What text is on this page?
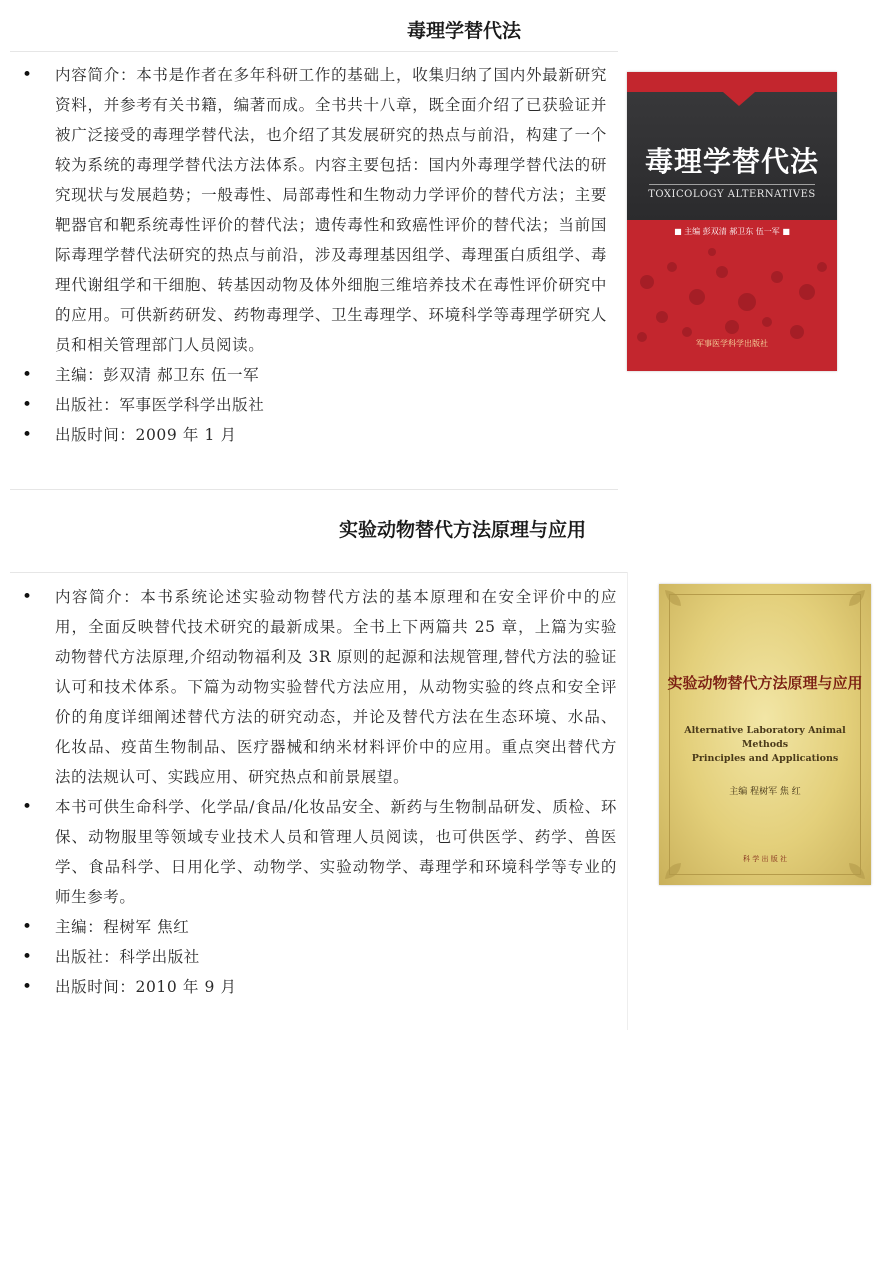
毒理学替代法
• 内容简介：本书是作者在多年科研工作的基础上，收集归纳了国内外最新研究资料，并参考有关书籍，编著而成。全书共十八章，既全面介绍了已获验证并被广泛接受的毒理学替代法，也介绍了其发展研究的热点与前沿，构建了一个较为系统的毒理学替代法方法体系。内容主要包括：国内外毒理学替代法的研究现状与发展趋势；一般毒性、局部毒性和生物动力学评价的替代方法；主要靶器官和靶系统毒性评价的替代法；遗传毒性和致癌性评价的替代法；当前国际毒理学替代法研究的热点与前沿，涉及毒理基因组学、毒理蛋白质组学、毒理代谢组学和干细胞、转基因动物及体外细胞三维培养技术在毒性评价研究中的应用。可供新药研发、药物毒理学、卫生毒理学、环境科学等毒理学研究人员和相关管理部门人员阅读。
• 主编：彭双清 郝卫东 伍一军
• 出版社：军事医学科学出版社
• 出版时间：2009 年 1 月
毒理学替代法
TOXICOLOGY ALTERNATIVES
■ 主编 彭双清 郝卫东 伍一军 ■
军事医学科学出版社
实验动物替代方法原理与应用
• 内容简介：本书系统论述实验动物替代方法的基本原理和在安全评价中的应用，全面反映替代技术研究的最新成果。全书上下两篇共 25 章，上篇为实验动物替代方法原理,介绍动物福利及 3R 原则的起源和法规管理,替代方法的验证认可和技术体系。下篇为动物实验替代方法应用，从动物实验的终点和安全评价的角度详细阐述替代方法的研究动态，并论及替代方法在生态环境、水品、化妆品、疫苗生物制品、医疗器械和纳米材料评价中的应用。重点突出替代方法的法规认可、实践应用、研究热点和前景展望。
• 本书可供生命科学、化学品/食品/化妆品安全、新药与生物制品研发、质检、环保、动物服里等领域专业技术人员和管理人员阅读，也可供医学、药学、兽医学、食品科学、日用化学、动物学、实验动物学、毒理学和环境科学等专业的师生参考。
• 主编：程树军 焦红
• 出版社：科学出版社
• 出版时间：2010 年 9 月
实验动物替代方法原理与应用
Alternative Laboratory Animal Methods
Principles and Applications
主编 程树军 焦 红
科 学 出 版 社
